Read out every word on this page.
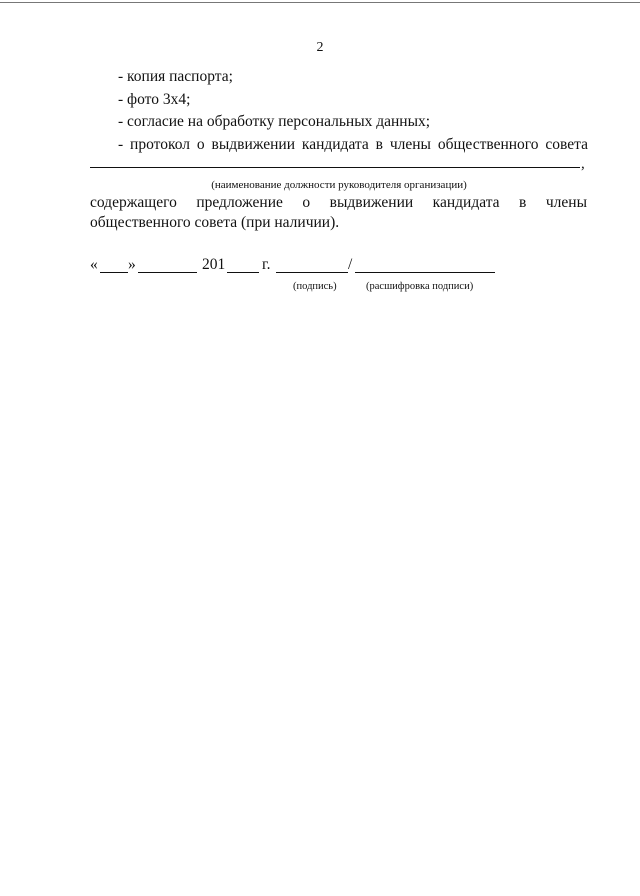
2
- копия паспорта;
- фото 3х4;
- согласие на обработку персональных данных;
- протокол о выдвижении кандидата в члены общественного совета
,
(наименование должности руководителя организации)
содержащего предложение о выдвижении кандидата в члены общественного совета (при наличии).
« »	201 г.	/
(подпись)	(расшифровка подписи)
